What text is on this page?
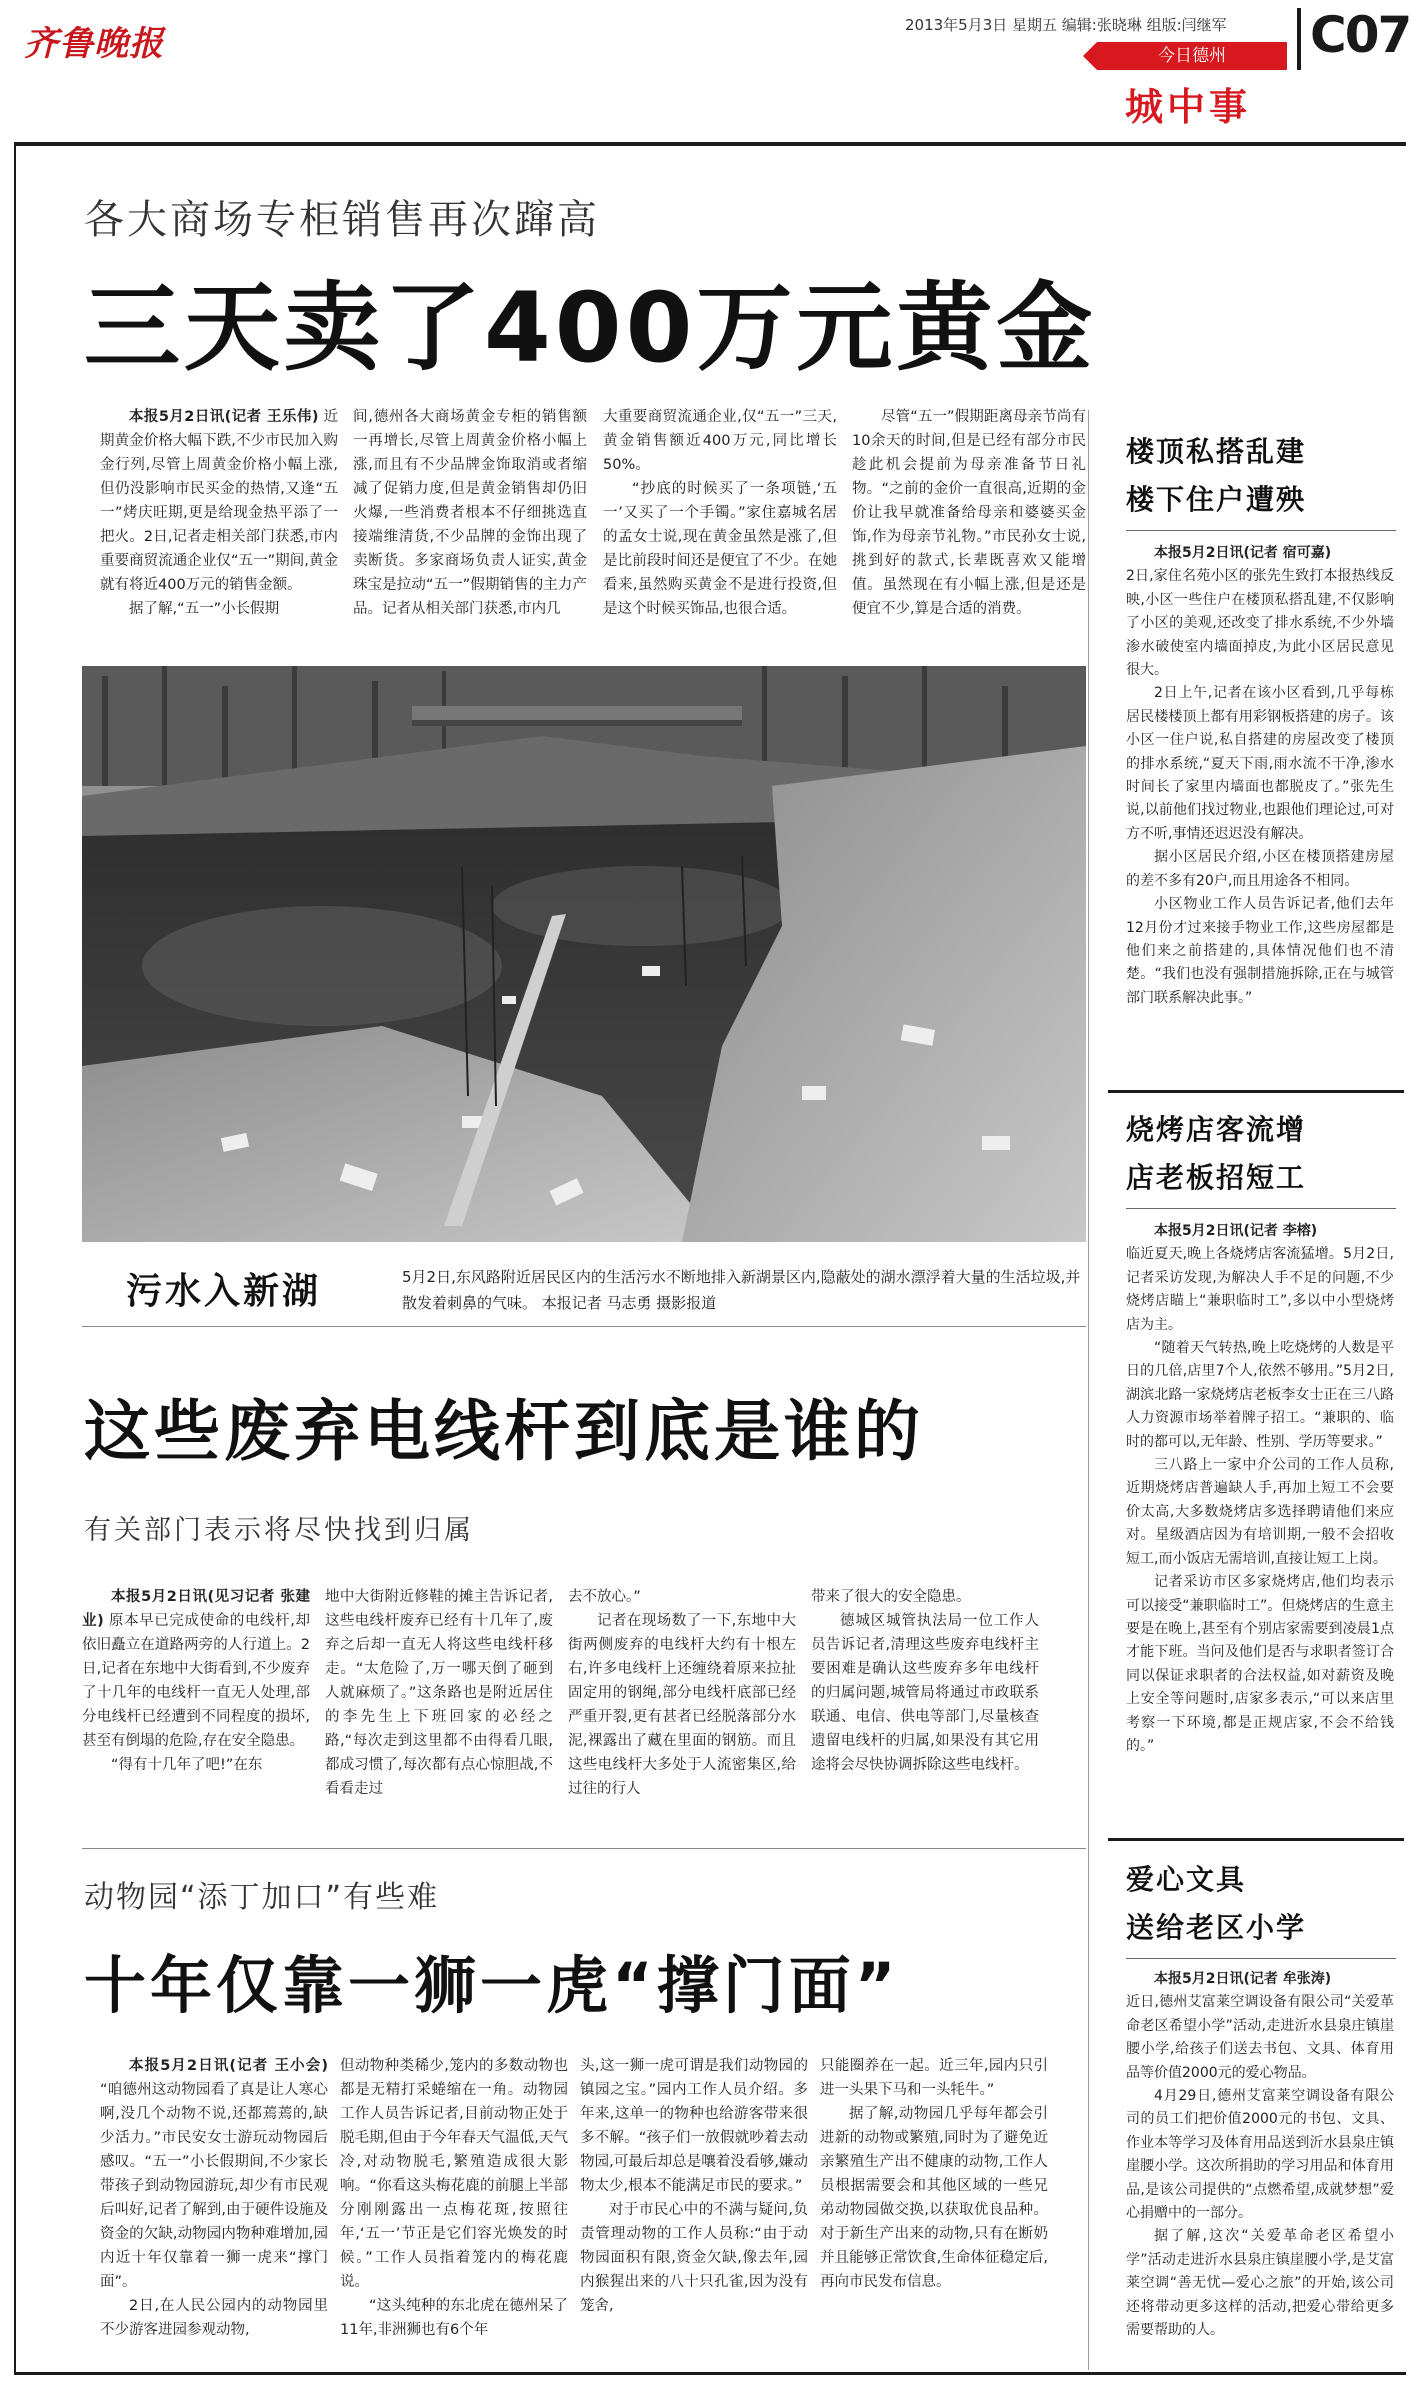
齐鲁晚报	2013年5月3日 星期五 编辑:张晓琳 组版:闫继军 C07
今日德州
城中事
各大商场专柜销售再次蹿高
三天卖了400万元黄金

本报5月2日讯(记者 王乐伟) 近期黄金价格大幅下跌,不少市民加入购金行列,尽管上周黄金价格小幅上涨,但仍没影响市民买金的热情,又逢“五一”烤庆旺期,更是给现金热平添了一把火。2日,记者走相关部门获悉,市内重要商贸流通企业仅“五一”期间,黄金就有将近400万元的销售金额。

据了解,“五一”小长假期

间,德州各大商场黄金专柜的销售额一再增长,尽管上周黄金价格小幅上涨,而且有不少品牌金饰取消或者缩减了促销力度,但是黄金销售却仍旧火爆,一些消费者根本不仔细挑选直接端维清货,不少品牌的金饰出现了卖断货。多家商场负责人证实,黄金珠宝是拉动“五一”假期销售的主力产品。记者从相关部门获悉,市内几

大重要商贸流通企业,仅“五一”三天,黄金销售额近400万元,同比增长50%。

“抄底的时候买了一条项链,‘五一’又买了一个手镯。”家住嘉城名居的孟女士说,现在黄金虽然是涨了,但是比前段时间还是便宜了不少。在她看来,虽然购买黄金不是进行投资,但是这个时候买饰品,也很合适。

尽管“五一”假期距离母亲节尚有10余天的时间,但是已经有部分市民趁此机会提前为母亲准备节日礼物。“之前的金价一直很高,近期的金价让我早就准备给母亲和婆婆买金饰,作为母亲节礼物。”市民孙女士说,挑到好的款式,长辈既喜欢又能增值。虽然现在有小幅上涨,但是还是便宜不少,算是合适的消费。

污水入新湖	5月2日,东风路附近居民区内的生活污水不断地排入新湖景区内,隐蔽处的湖水漂浮着大量的生活垃圾,并散发着刺鼻的气味。 本报记者 马志勇 摄影报道
这些废弃电线杆到底是谁的
有关部门表示将尽快找到归属

本报5月2日讯(见习记者 张建业) 原本早已完成使命的电线杆,却依旧矗立在道路两旁的人行道上。2日,记者在东地中大街看到,不少废弃了十几年的电线杆一直无人处理,部分电线杆已经遭到不同程度的损坏,甚至有倒塌的危险,存在安全隐患。

“得有十几年了吧!”在东

地中大街附近修鞋的摊主告诉记者,这些电线杆废弃已经有十几年了,废弃之后却一直无人将这些电线杆移走。“太危险了,万一哪天倒了砸到人就麻烦了。”这条路也是附近居住的李先生上下班回家的必经之路,“每次走到这里都不由得看几眼,都成习惯了,每次都有点心惊胆战,不看看走过

去不放心。”

记者在现场数了一下,东地中大街两侧废弃的电线杆大约有十根左右,许多电线杆上还缠绕着原来拉扯固定用的钢绳,部分电线杆底部已经严重开裂,更有甚者已经脱落部分水泥,裸露出了藏在里面的钢筋。而且这些电线杆大多处于人流密集区,给过往的行人

带来了很大的安全隐患。

德城区城管执法局一位工作人员告诉记者,清理这些废弃电线杆主要困难是确认这些废弃多年电线杆的归属问题,城管局将通过市政联系联通、电信、供电等部门,尽量核查遗留电线杆的归属,如果没有其它用途将会尽快协调拆除这些电线杆。

动物园“添丁加口”有些难
十年仅靠一狮一虎“撑门面”

本报5月2日讯(记者 王小会) “咱德州这动物园看了真是让人寒心啊,没几个动物不说,还都蔫蔫的,缺少活力。”市民安女士游玩动物园后感叹。“五一”小长假期间,不少家长带孩子到动物园游玩,却少有市民观后叫好,记者了解到,由于硬件设施及资金的欠缺,动物园内物种难增加,园内近十年仅靠着一狮一虎来“撑门面”。

2日,在人民公园内的动物园里不少游客进园参观动物,

但动物种类稀少,笼内的多数动物也都是无精打采蜷缩在一角。动物园工作人员告诉记者,目前动物正处于脱毛期,但由于今年春天气温低,天气冷,对动物脱毛,繁殖造成很大影响。“你看这头梅花鹿的前腿上半部分刚刚露出一点梅花斑,按照往年,‘五一’节正是它们容光焕发的时候。”工作人员指着笼内的梅花鹿说。

“这头纯种的东北虎在德州呆了11年,非洲狮也有6个年

头,这一狮一虎可谓是我们动物园的镇园之宝。”园内工作人员介绍。多年来,这单一的物种也给游客带来很多不解。“孩子们一放假就吵着去动物园,可最后却总是嚷着没看够,嫌动物太少,根本不能满足市民的要求。”

对于市民心中的不满与疑问,负责管理动物的工作人员称:“由于动物园面积有限,资金欠缺,像去年,园内猴猩出来的八十只孔雀,因为没有笼舍,

只能圈养在一起。近三年,园内只引进一头果下马和一头牦牛。”

据了解,动物园几乎每年都会引进新的动物或繁殖,同时为了避免近亲繁殖生产出不健康的动物,工作人员根据需要会和其他区域的一些兄弟动物园做交换,以获取优良品种。对于新生产出来的动物,只有在断奶并且能够正常饮食,生命体征稳定后,再向市民发布信息。

楼顶私搭乱建
楼下住户遭殃

本报5月2日讯(记者 宿可嘉)

2日,家住名苑小区的张先生致打本报热线反映,小区一些住户在楼顶私搭乱建,不仅影响了小区的美观,还改变了排水系统,不少外墙渗水破使室内墙面掉皮,为此小区居民意见很大。

2日上午,记者在该小区看到,几乎每栋居民楼楼顶上都有用彩钢板搭建的房子。该小区一住户说,私自搭建的房屋改变了楼顶的排水系统,“夏天下雨,雨水流不干净,渗水时间长了家里内墙面也都脱皮了。”张先生说,以前他们找过物业,也跟他们理论过,可对方不听,事情还迟迟没有解决。

据小区居民介绍,小区在楼顶搭建房屋的差不多有20户,而且用途各不相同。

小区物业工作人员告诉记者,他们去年12月份才过来接手物业工作,这些房屋都是他们来之前搭建的,具体情况他们也不清楚。“我们也没有强制措施拆除,正在与城管部门联系解决此事。”

烧烤店客流增
店老板招短工

本报5月2日讯(记者 李榕)

临近夏天,晚上各烧烤店客流猛增。5月2日,记者采访发现,为解决人手不足的问题,不少烧烤店瞄上“兼职临时工”,多以中小型烧烤店为主。

“随着天气转热,晚上吃烧烤的人数是平日的几倍,店里7个人,依然不够用。”5月2日,湖滨北路一家烧烤店老板李女士正在三八路人力资源市场举着牌子招工。“兼职的、临时的都可以,无年龄、性别、学历等要求。”

三八路上一家中介公司的工作人员称,近期烧烤店普遍缺人手,再加上短工不会要价太高,大多数烧烤店多选择聘请他们来应对。星级酒店因为有培训期,一般不会招收短工,而小饭店无需培训,直接让短工上岗。

记者采访市区多家烧烤店,他们均表示可以接受“兼职临时工”。但烧烤店的生意主要是在晚上,甚至有个别店家需要到凌晨1点才能下班。当问及他们是否与求职者签订合同以保证求职者的合法权益,如对薪资及晚上安全等问题时,店家多表示,“可以来店里考察一下环境,都是正规店家,不会不给钱的。”

爱心文具
送给老区小学

本报5月2日讯(记者 牟张涛)

近日,德州艾富莱空调设备有限公司“关爱革命老区希望小学”活动,走进沂水县泉庄镇崖腰小学,给孩子们送去书包、文具、体育用品等价值2000元的爱心物品。

4月29日,德州艾富莱空调设备有限公司的员工们把价值2000元的书包、文具、作业本等学习及体育用品送到沂水县泉庄镇崖腰小学。这次所捐助的学习用品和体育用品,是该公司提供的“点燃希望,成就梦想”爱心捐赠中的一部分。

据了解,这次“关爱革命老区希望小学”活动走进沂水县泉庄镇崖腰小学,是艾富莱空调“善无忧—爱心之旅”的开始,该公司还将带动更多这样的活动,把爱心带给更多需要帮助的人。
